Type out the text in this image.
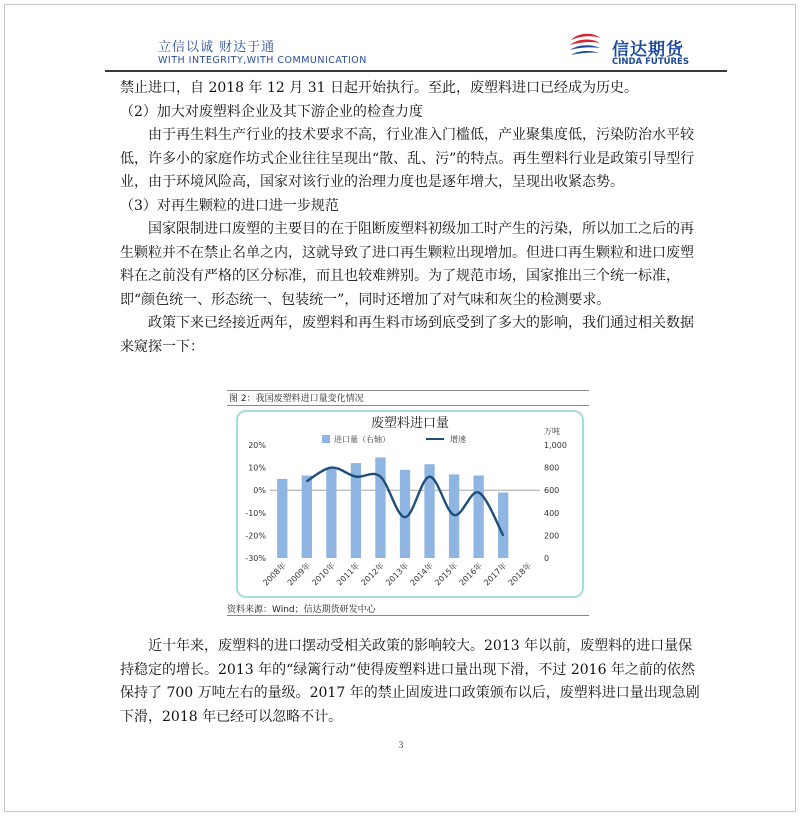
立信以诚 财达于通
WITH INTEGRITY,WITH COMMUNICATION
信达期货
CINDA FUTURES

禁止进口，自 2018 年 12 月 31 日起开始执行。至此，废塑料进口已经成为历史。

（2）加大对废塑料企业及其下游企业的检查力度

由于再生料生产行业的技术要求不高，行业准入门槛低，产业聚集度低，污染防治水平较低，许多小的家庭作坊式企业往往呈现出“散、乱、污”的特点。再生塑料行业是政策引导型行业，由于环境风险高，国家对该行业的治理力度也是逐年增大，呈现出收紧态势。

（3）对再生颗粒的进口进一步规范

国家限制进口废塑的主要目的在于阻断废塑料初级加工时产生的污染，所以加工之后的再生颗粒并不在禁止名单之内，这就导致了进口再生颗粒出现增加。但进口再生颗粒和进口废塑料在之前没有严格的区分标准，而且也较难辨别。为了规范市场，国家推出三个统一标准，即“颜色统一、形态统一、包装统一”，同时还增加了对气味和灰尘的检测要求。

政策下来已经接近两年，废塑料和再生料市场到底受到了多大的影响，我们通过相关数据来窥探一下：

图 2：我国废塑料进口量变化情况
废塑料进口量
万吨
进口量（右轴）	增速
20%
10%
0%
-10%
-20%
-30%
1,000
800
600
400
200
0
2008年
2009年
2010年
2011年
2012年
2013年
2014年
2015年
2016年
2017年
2018年
资料来源：Wind；信达期货研发中心

近十年来，废塑料的进口摆动受相关政策的影响较大。2013 年以前，废塑料的进口量保持稳定的增长。2013 年的“绿篱行动”使得废塑料进口量出现下滑，不过 2016 年之前的依然保持了 700 万吨左右的量级。2017 年的禁止固废进口政策颁布以后，废塑料进口量出现急剧下滑，2018 年已经可以忽略不计。

3
